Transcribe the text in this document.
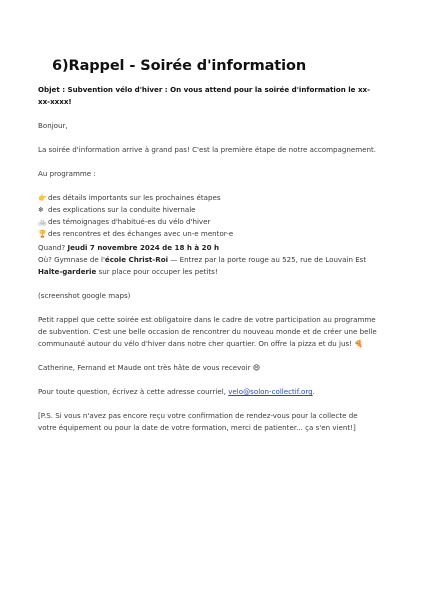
6)Rappel - Soirée d'information

Objet : Subvention vélo d'hiver : On vous attend pour la soirée d'information le xx-xx-xxxx!

Bonjour,

La soirée d'information arrive à grand pas! C'est la première étape de notre accompagnement.

Au programme :

👉des détails importants sur les prochaines étapes

❄ des explications sur la conduite hivernale

🚲des témoignages d'habitué-es du vélo d'hiver

🏆des rencontres et des échanges avec un-e mentor-e

Quand? Jeudi 7 novembre 2024 de 18 h à 20 h

Où? Gymnase de l'école Christ-Roi — Entrez par la porte rouge au 525, rue de Louvain Est

Halte-garderie sur place pour occuper les petits!

(screenshot google maps)

Petit rappel que cette soirée est obligatoire dans le cadre de votre participation au programme de subvention. C'est une belle occasion de rencontrer du nouveau monde et de créer une belle communauté autour du vélo d'hiver dans notre cher quartier. On offre la pizza et du jus! 🍕

Catherine, Fernand et Maude ont très hâte de vous recevoir 😄

Pour toute question, écrivez à cette adresse courriel, velo@solon-collectif.org.

[P.S. Si vous n'avez pas encore reçu votre confirmation de rendez-vous pour la collecte de votre équipement ou pour la date de votre formation, merci de patienter... ça s'en vient!]
